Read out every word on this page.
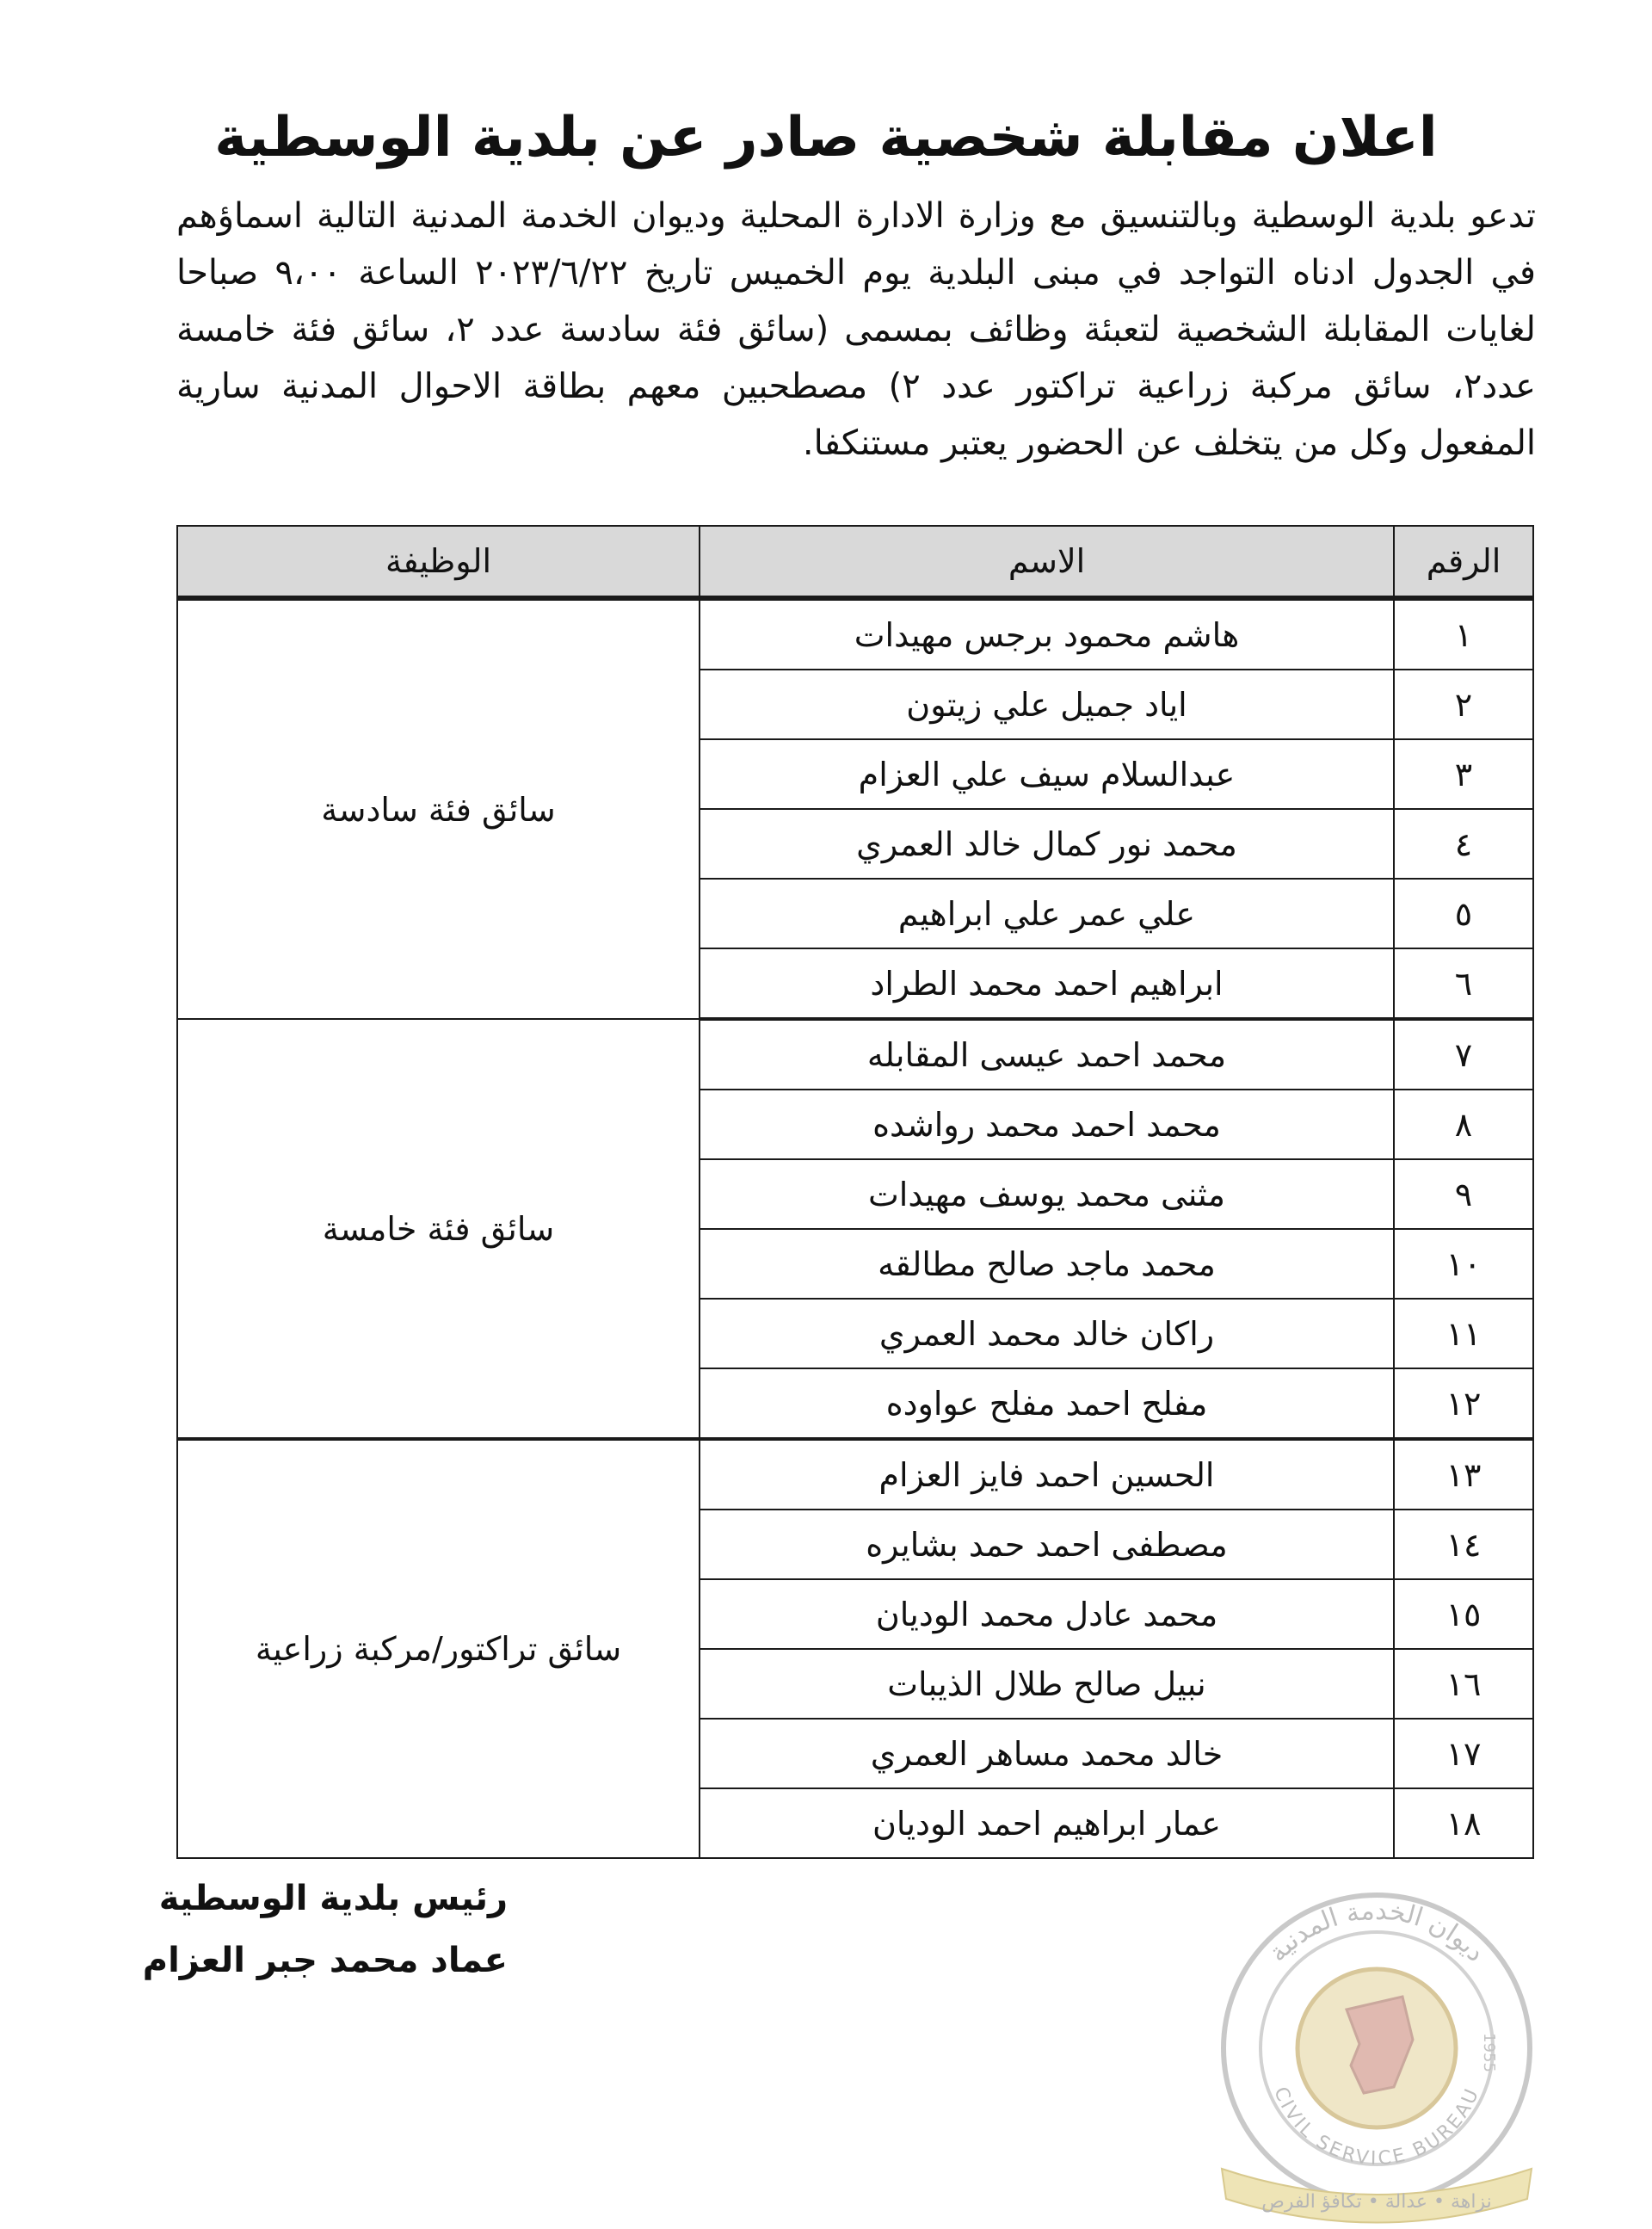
اعلان مقابلة شخصية صادر عن بلدية الوسطية
تدعو بلدية الوسطية وبالتنسيق مع وزارة الادارة المحلية وديوان الخدمة المدنية التالية اسماؤهم في الجدول ادناه التواجد في مبنى البلدية يوم الخميس تاريخ ٢٠٢٣/٦/٢٢ الساعة ٩،٠٠ صباحا لغايات المقابلة الشخصية لتعبئة وظائف بمسمى (سائق فئة سادسة عدد ٢، سائق فئة خامسة عدد٢، سائق مركبة زراعية تراكتور عدد ٢) مصطحبين معهم بطاقة الاحوال المدنية سارية المفعول وكل من يتخلف عن الحضور يعتبر مستنكفا.
الرقم	الاسم	الوظيفة
١	هاشم محمود برجس مهيدات	سائق فئة سادسة
٢	اياد جميل علي زيتون	
٣	عبدالسلام سيف علي العزام	
٤	محمد نور كمال خالد العمري	
٥	علي عمر علي ابراهيم	
٦	ابراهيم احمد محمد الطراد	
٧	محمد احمد عيسى المقابله	سائق فئة خامسة
٨	محمد احمد محمد رواشده	
٩	مثنى محمد يوسف مهيدات	
١٠	محمد ماجد صالح مطالقه	
١١	راكان خالد محمد العمري	
١٢	مفلح احمد مفلح عواوده	
١٣	الحسين احمد فايز العزام	سائق تراكتور/مركبة زراعية
١٤	مصطفى احمد حمد بشايره	
١٥	محمد عادل محمد الوديان	
١٦	نبيل صالح طلال الذيبات	
١٧	خالد محمد مساهر العمري	
١٨	عمار ابراهيم احمد الوديان	
رئيس بلدية الوسطية
عماد محمد جبر العزام	ديوان الخدمة المدنية
CIVIL SERVICE BUREAU
1955
نزاهة • عدالة • تكافؤ الفرص
